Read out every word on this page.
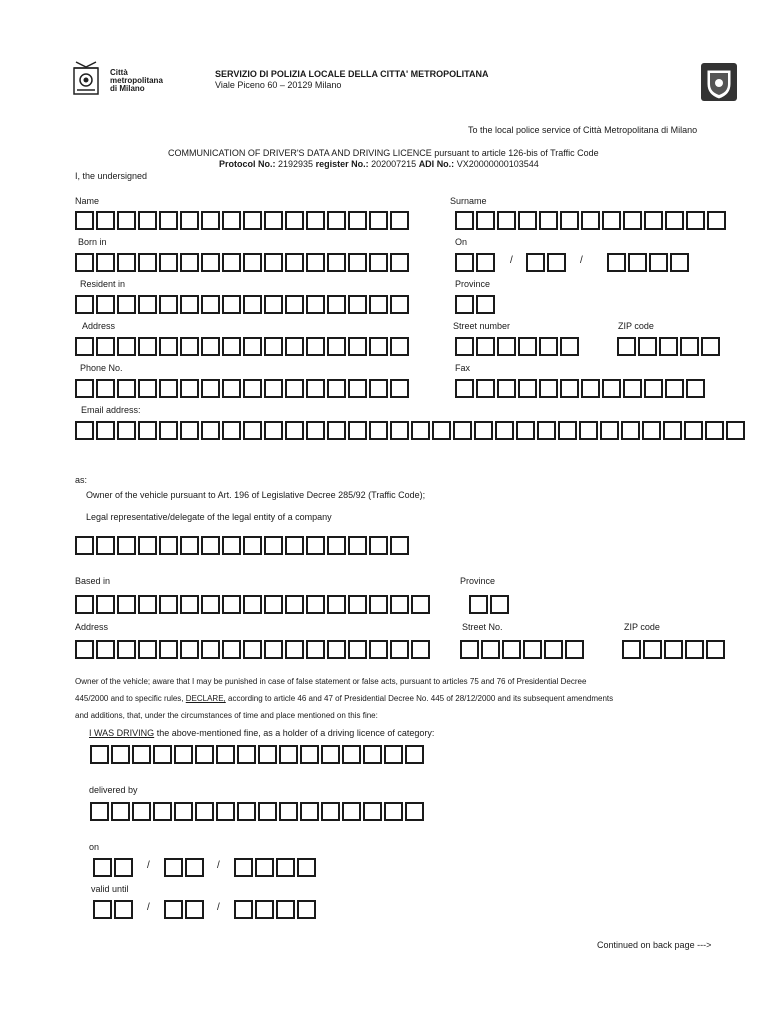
Città
metropolitana
di Milano
SERVIZIO DI POLIZIA LOCALE DELLA CITTA' METROPOLITANA
Viale Piceno 60 – 20129 Milano
To the local police service of Città Metropolitana di Milano
COMMUNICATION OF DRIVER'S DATA AND DRIVING LICENCE pursuant to article 126-bis of Traffic Code
Protocol No.: 2192935 register No.: 202007215 ADI No.: VX20000000103544
I, the undersigned
Name	Surname
Born in	On
/	/
Resident in	Province
Address	Street number	ZIP code
Phone No.	Fax
Email address:
as:
Owner of the vehicle pursuant to Art. 196 of Legislative Decree 285/92 (Traffic Code);
Legal representative/delegate of the legal entity of a company
Based in	Province
Address	Street No.	ZIP code
Owner of the vehicle; aware that I may be punished in case of false statement or false acts, pursuant to articles 75 and 76 of Presidential Decree
445/2000 and to specific rules, DECLARE, according to article 46 and 47 of Presidential Decree No. 445 of 28/12/2000 and its subsequent amendments
and additions, that, under the circumstances of time and place mentioned on this fine:
I WAS DRIVING the above-mentioned fine, as a holder of a driving licence of category:
delivered by
on
/	/
valid until
/	/
Continued on back page --->
